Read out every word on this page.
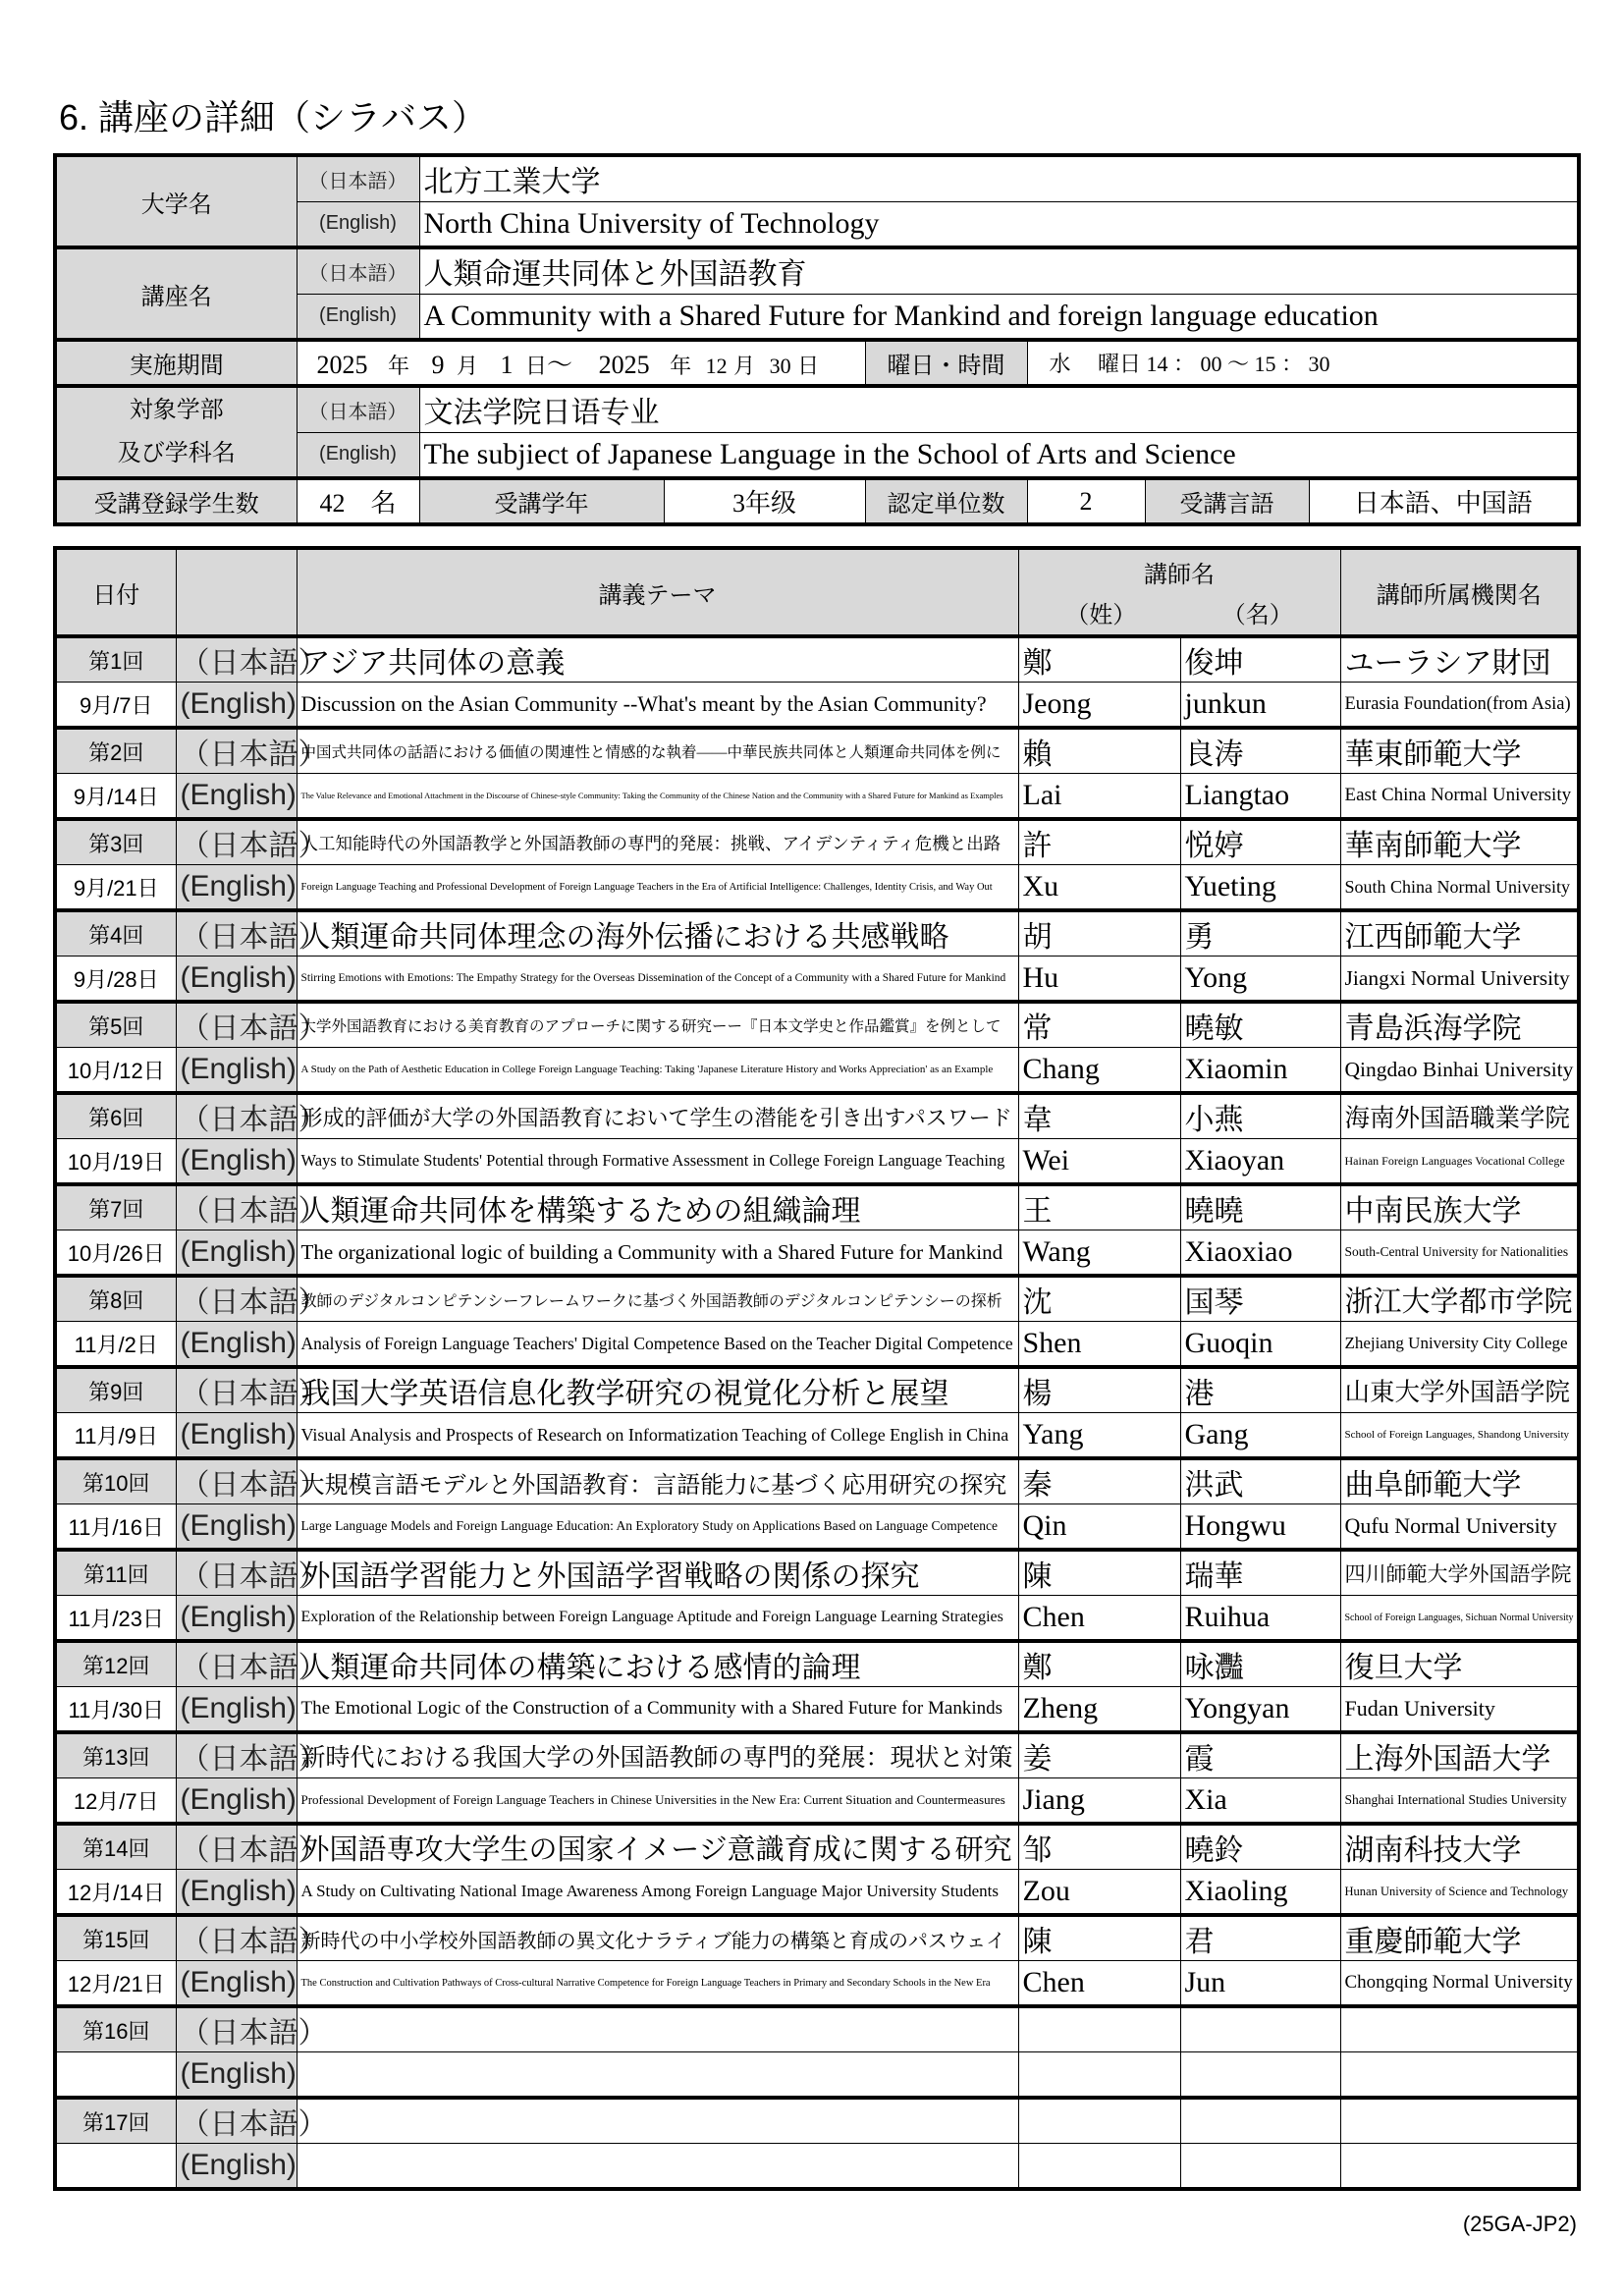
6. 講座の詳細（シラバス）
大学名	（日本語）	北方工業大学					
	(English)	North China University of Technology					
講座名	（日本語）	人類命運共同体と外国語教育					
	(English)	A Community with a Shared Future for Mankind and foreign language education					
実施期間	2025 年 9 月 1 日～ 2025 年 12 月 30 日			曜日・時間	水　 曜日 14 ： 00 ～ 15 ： 30		

対象学部
及び学科名	（日本語）	文法学院日语专业					
	(English)	The subjiect of Japanese Language in the School of Arts and Science					
受講登録学生数	42　名	受講学年	3年级	認定単位数	2	受講言語	日本語、中国語
日付		講義テーマ	講師名
（姓） （名）		講師所属機関名
第1回	（日本語）	アジア共同体の意義	鄭	俊坤	ユーラシア財団
9月/7日	(English)	Discussion on the Asian Community --What's meant by the Asian Community?	Jeong	junkun	Eurasia Foundation(from Asia)
第2回	（日本語）	中国式共同体の話語における価値の関連性と情感的な執着――中華民族共同体と人類運命共同体を例に	賴	良涛	華東師範大学
9月/14日	(English)	The Value Relevance and Emotional Attachment in the Discourse of Chinese-style Community: Taking the Community of the Chinese Nation and the Community with a Shared Future for Mankind as Examples	Lai	Liangtao	East China Normal University
第3回	（日本語）	人工知能時代の外国語教学と外国語教師の専門的発展：挑戦、アイデンティティ危機と出路	許	悦婷	華南師範大学
9月/21日	(English)	Foreign Language Teaching and Professional Development of Foreign Language Teachers in the Era of Artificial Intelligence: Challenges, Identity Crisis, and Way Out	Xu	Yueting	South China Normal University
第4回	（日本語）	人類運命共同体理念の海外伝播における共感戦略	胡	勇	江西師範大学
9月/28日	(English)	Stirring Emotions with Emotions: The Empathy Strategy for the Overseas Dissemination of the Concept of a Community with a Shared Future for Mankind	Hu	Yong	Jiangxi Normal University
第5回	（日本語）	大学外国語教育における美育教育のアプローチに関する研究ーー『日本文学史と作品鑑賞』を例として	常	曉敏	青島浜海学院
10月/12日	(English)	A Study on the Path of Aesthetic Education in College Foreign Language Teaching: Taking 'Japanese Literature History and Works Appreciation' as an Example	Chang	Xiaomin	Qingdao Binhai University
第6回	（日本語）	形成的評価が大学の外国語教育において学生の潜能を引き出すパスワード	韋	小燕	海南外国語職業学院
10月/19日	(English)	Ways to Stimulate Students' Potential through Formative Assessment in College Foreign Language Teaching	Wei	Xiaoyan	Hainan Foreign Languages Vocational College
第7回	（日本語）	人類運命共同体を構築するための組織論理	王	曉曉	中南民族大学
10月/26日	(English)	The organizational logic of building a Community with a Shared Future for Mankind	Wang	Xiaoxiao	South-Central University for Nationalities
第8回	（日本語）	教師のデジタルコンピテンシーフレームワークに基づく外国語教師のデジタルコンピテンシーの探析	沈	国琴	浙江大学都市学院
11月/2日	(English)	Analysis of Foreign Language Teachers' Digital Competence Based on the Teacher Digital Competence	Shen	Guoqin	Zhejiang University City College
第9回	（日本語）	我国大学英语信息化教学研究の視覚化分析と展望	楊	港	山東大学外国語学院
11月/9日	(English)	Visual Analysis and Prospects of Research on Informatization Teaching of College English in China	Yang	Gang	School of Foreign Languages, Shandong University
第10回	（日本語）	大規模言語モデルと外国語教育：言語能力に基づく応用研究の探究	秦	洪武	曲阜師範大学
11月/16日	(English)	Large Language Models and Foreign Language Education: An Exploratory Study on Applications Based on Language Competence	Qin	Hongwu	Qufu Normal University
第11回	（日本語）	外国語学習能力と外国語学習戦略の関係の探究	陳	瑞華	四川師範大学外国語学院
11月/23日	(English)	Exploration of the Relationship between Foreign Language Aptitude and Foreign Language Learning Strategies	Chen	Ruihua	School of Foreign Languages, Sichuan Normal University
第12回	（日本語）	人類運命共同体の構築における感情的論理	鄭	咏灩	復旦大学
11月/30日	(English)	The Emotional Logic of the Construction of a Community with a Shared Future for Mankinds	Zheng	Yongyan	Fudan University
第13回	（日本語）	新時代における我国大学の外国語教師の専門的発展：現状と対策	姜	霞	上海外国語大学
12月/7日	(English)	Professional Development of Foreign Language Teachers in Chinese Universities in the New Era: Current Situation and Countermeasures	Jiang	Xia	Shanghai International Studies University
第14回	（日本語）	外国語専攻大学生の国家イメージ意識育成に関する研究	邹	曉鈴	湖南科技大学
12月/14日	(English)	A Study on Cultivating National Image Awareness Among Foreign Language Major University Students	Zou	Xiaoling	Hunan University of Science and Technology
第15回	（日本語）	新時代の中小学校外国語教師の異文化ナラティブ能力の構築と育成のパスウェイ	陳	君	重慶師範大学
12月/21日	(English)	The Construction and Cultivation Pathways of Cross-cultural Narrative Competence for Foreign Language Teachers in Primary and Secondary Schools in the New Era	Chen	Jun	Chongqing Normal University
第16回	（日本語）				
	(English)				
第17回	（日本語）				
	(English)				
(25GA-JP2)
